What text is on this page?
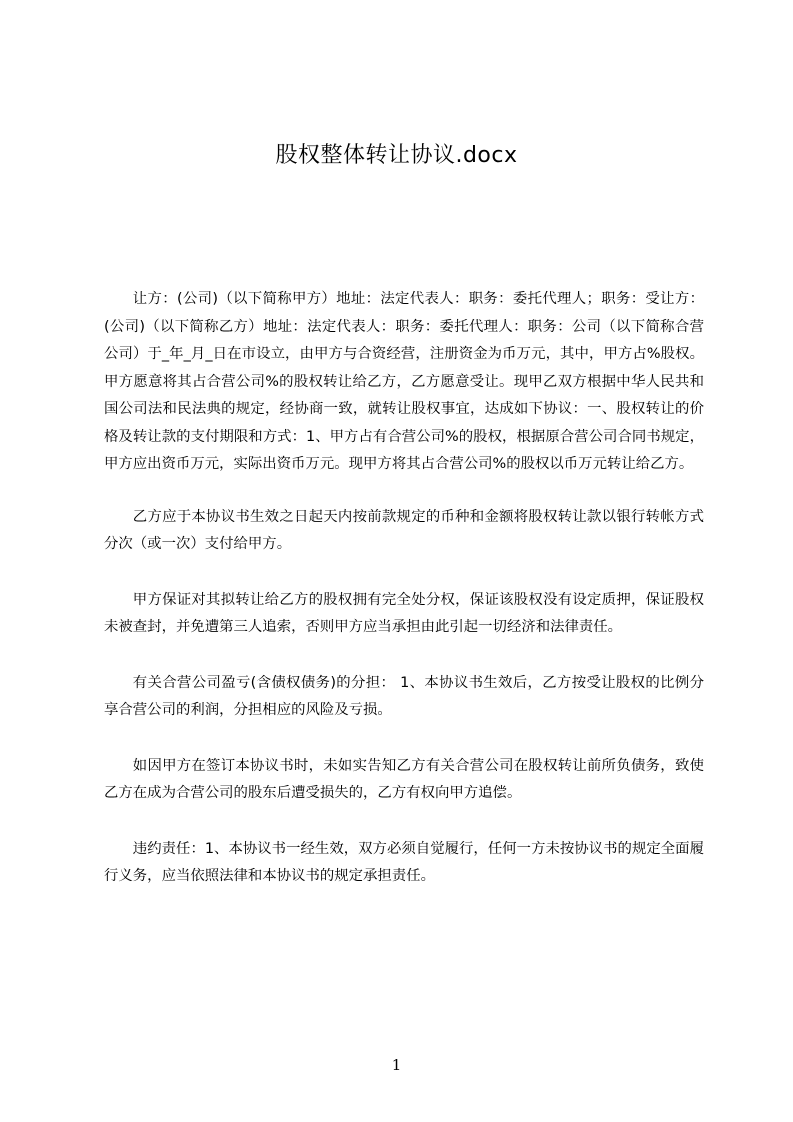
股权整体转让协议.docx

让方：(公司)（以下简称甲方）地址：法定代表人：职务：委托代理人；职务：受让方：(公司)（以下简称乙方）地址：法定代表人：职务：委托代理人：职务：公司（以下简称合营公司）于_年_月_日在市设立，由甲方与合资经营，注册资金为币万元，其中，甲方占%股权。甲方愿意将其占合营公司%的股权转让给乙方，乙方愿意受让。现甲乙双方根据中华人民共和国公司法和民法典的规定，经协商一致，就转让股权事宜，达成如下协议：一、股权转让的价格及转让款的支付期限和方式：1、甲方占有合营公司%的股权，根据原合营公司合同书规定，甲方应出资币万元，实际出资币万元。现甲方将其占合营公司%的股权以币万元转让给乙方。

乙方应于本协议书生效之日起天内按前款规定的币种和金额将股权转让款以银行转帐方式分次（或一次）支付给甲方。

甲方保证对其拟转让给乙方的股权拥有完全处分权，保证该股权没有设定质押，保证股权未被查封，并免遭第三人追索，否则甲方应当承担由此引起一切经济和法律责任。

有关合营公司盈亏(含债权债务)的分担： 1、本协议书生效后，乙方按受让股权的比例分享合营公司的利润，分担相应的风险及亏损。

如因甲方在签订本协议书时，未如实告知乙方有关合营公司在股权转让前所负债务，致使乙方在成为合营公司的股东后遭受损失的，乙方有权向甲方追偿。

违约责任：1、本协议书一经生效，双方必须自觉履行，任何一方未按协议书的规定全面履行义务，应当依照法律和本协议书的规定承担责任。

1
